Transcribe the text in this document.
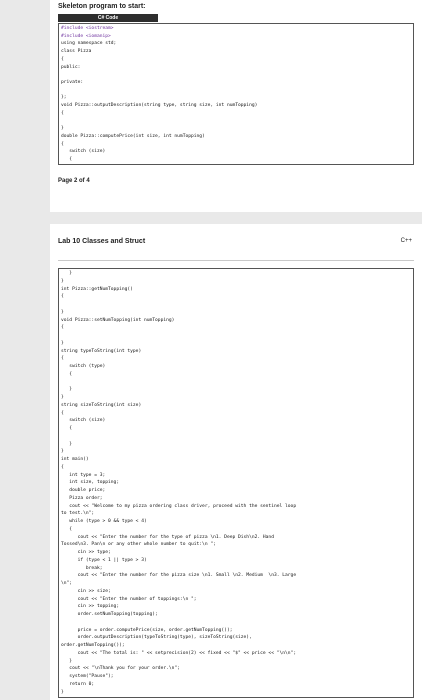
Skeleton program to start:
C# Code
#include <iostream>
#include <iomanip>
using namespace std;
class Pizza
{
public:
private:
};
void Pizza::outputDescription(string type, string size, int numTopping)
{
}
double Pizza::computePrice(int size, int numTopping)
{
switch (size)
{
Page 2 of 4
Lab 10 Classes and Struct	C++
}
}
int Pizza::getNumTopping()
{
}
void Pizza::setNumTopping(int numTopping)
{
}
string typeToString(int type)
{
switch (type)
{
}
}
string sizeToString(int size)
{
switch (size)
{
}
}
int main()
{
int type = 3;
int size, topping;
double price;
Pizza order;
cout << "Welcome to my pizza ordering class driver, proceed with the sentinel loop
to test.\n";
while (type > 0 && type < 4)
{
cout << "Enter the number for the type of pizza \n1. Deep Dish\n2. Hand
Tossed\n3. Pan\n or any other whole number to quit:\n ";
cin >> type;
if (type < 1 || type > 3)
break;
cout << "Enter the number for the pizza size \n1. Small \n2. Medium  \n3. Large
\n";
cin >> size;
cout << "Enter the number of toppings:\n ";
cin >> topping;
order.setNumTopping(topping);
price = order.computePrice(size, order.getNumTopping());
order.outputDescription(typeToString(type), sizeToString(size),
order.getNumTopping());
cout << "The total is: " << setprecision(2) << fixed << "$" << price << "\n\n";
}
cout << "\nThank you for your order.\n";
system("Pause");
return 0;
}
